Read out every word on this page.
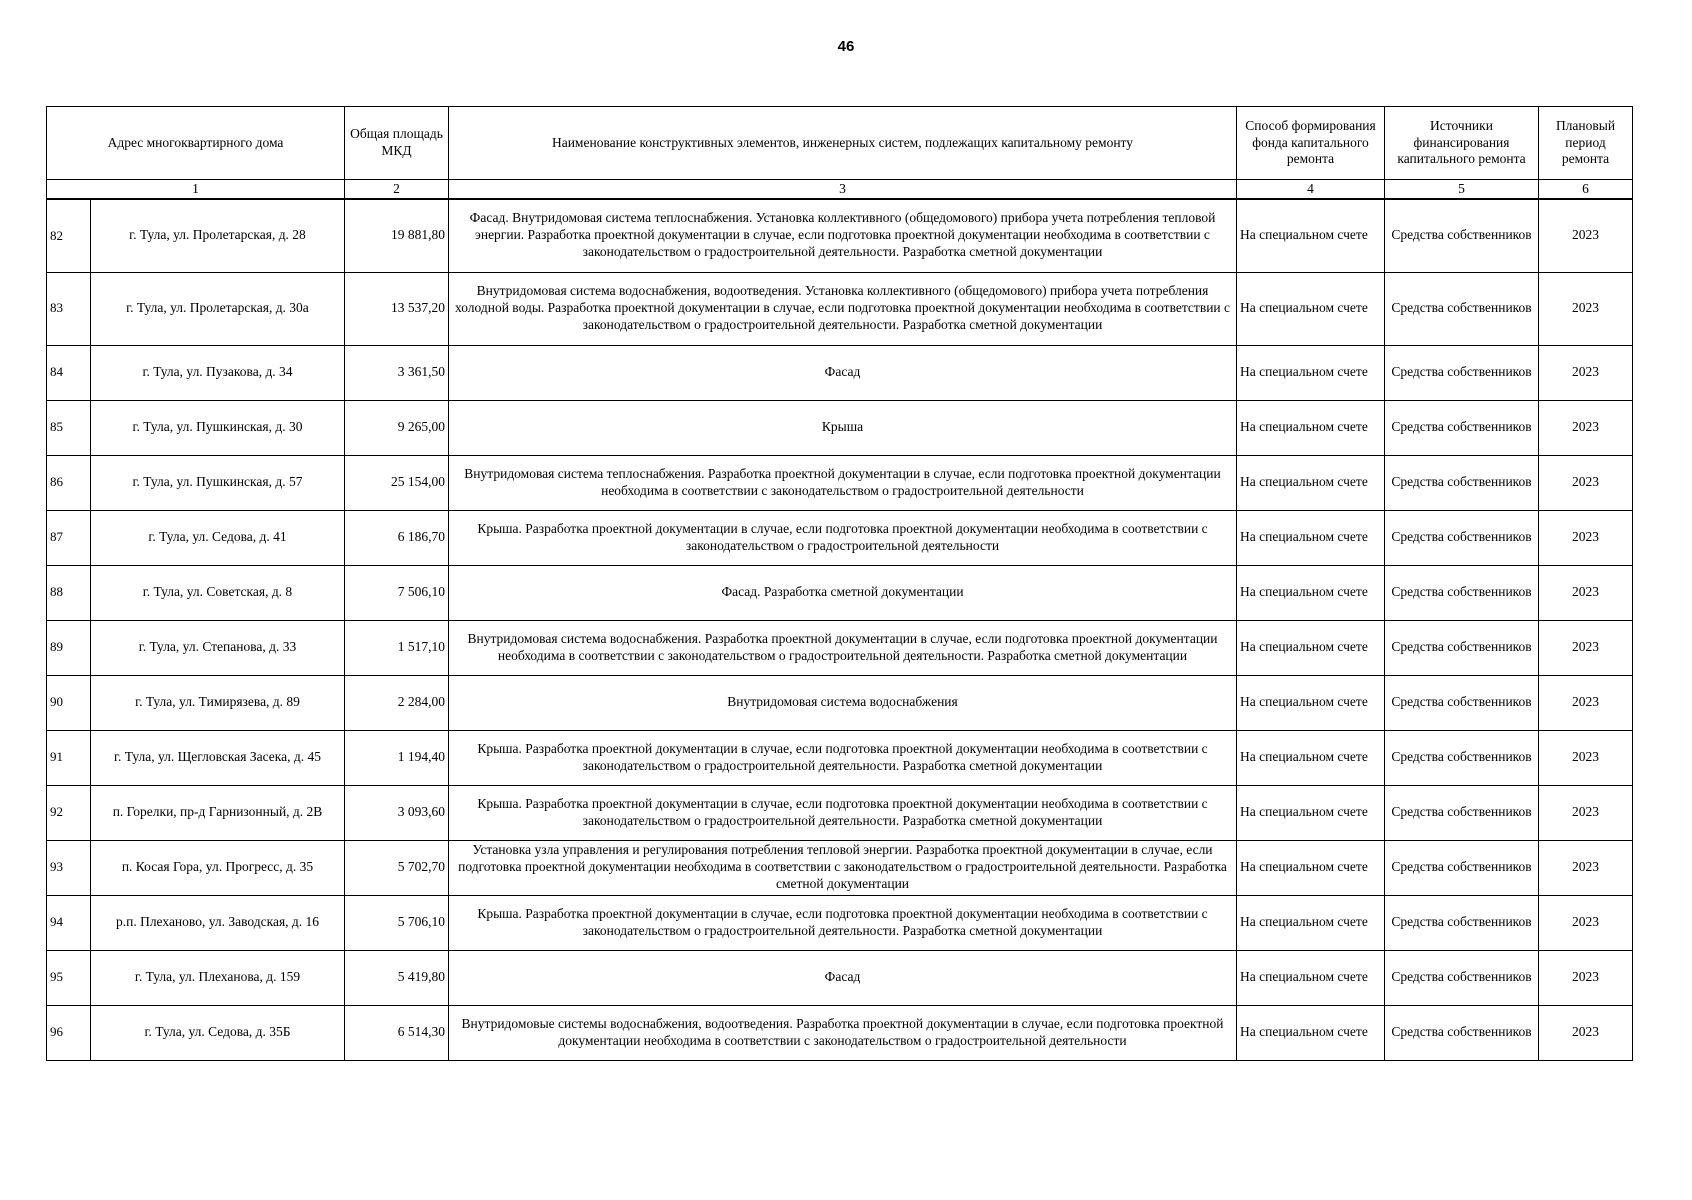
46
Адрес многоквартирного дома		Общая площадь МКД	Наименование конструктивных элементов, инженерных систем, подлежащих капитальному ремонту	Способ формирования фонда капитального ремонта	Источники финансирования капитального ремонта	Плановый период ремонта
1		2	3	4	5	6
82	г. Тула, ул. Пролетарская, д. 28	19 881,80	Фасад. Внутридомовая система теплоснабжения. Установка коллективного (общедомового) прибора учета потребления тепловой энергии. Разработка проектной документации в случае, если подготовка проектной документации необходима в соответствии с законодательством о градостроительной деятельности. Разработка сметной документации	На специальном счете	Средства собственников	2023
83	г. Тула, ул. Пролетарская, д. 30а	13 537,20	Внутридомовая система водоснабжения, водоотведения. Установка коллективного (общедомового) прибора учета потребления холодной воды. Разработка проектной документации в случае, если подготовка проектной документации необходима в соответствии с законодательством о градостроительной деятельности. Разработка сметной документации	На специальном счете	Средства собственников	2023
84	г. Тула, ул. Пузакова, д. 34	3 361,50	Фасад	На специальном счете	Средства собственников	2023
85	г. Тула, ул. Пушкинская, д. 30	9 265,00	Крыша	На специальном счете	Средства собственников	2023
86	г. Тула, ул. Пушкинская, д. 57	25 154,00	Внутридомовая система теплоснабжения. Разработка проектной документации в случае, если подготовка проектной документации необходима в соответствии с законодательством о градостроительной деятельности	На специальном счете	Средства собственников	2023
87	г. Тула, ул. Седова, д. 41	6 186,70	Крыша. Разработка проектной документации в случае, если подготовка проектной документации необходима в соответствии с законодательством о градостроительной деятельности	На специальном счете	Средства собственников	2023
88	г. Тула, ул. Советская, д. 8	7 506,10	Фасад. Разработка сметной документации	На специальном счете	Средства собственников	2023
89	г. Тула, ул. Степанова, д. 33	1 517,10	Внутридомовая система водоснабжения. Разработка проектной документации в случае, если подготовка проектной документации необходима в соответствии с законодательством о градостроительной деятельности. Разработка сметной документации	На специальном счете	Средства собственников	2023
90	г. Тула, ул. Тимирязева, д. 89	2 284,00	Внутридомовая система водоснабжения	На специальном счете	Средства собственников	2023
91	г. Тула, ул. Щегловская Засека, д. 45	1 194,40	Крыша. Разработка проектной документации в случае, если подготовка проектной документации необходима в соответствии с законодательством о градостроительной деятельности. Разработка сметной документации	На специальном счете	Средства собственников	2023
92	п. Горелки, пр-д Гарнизонный, д. 2В	3 093,60	Крыша. Разработка проектной документации в случае, если подготовка проектной документации необходима в соответствии с законодательством о градостроительной деятельности. Разработка сметной документации	На специальном счете	Средства собственников	2023
93	п. Косая Гора, ул. Прогресс, д. 35	5 702,70	Установка узла управления и регулирования потребления тепловой энергии. Разработка проектной документации в случае, если подготовка проектной документации необходима в соответствии с законодательством о градостроительной деятельности. Разработка сметной документации	На специальном счете	Средства собственников	2023
94	р.п. Плеханово, ул. Заводская, д. 16	5 706,10	Крыша. Разработка проектной документации в случае, если подготовка проектной документации необходима в соответствии с законодательством о градостроительной деятельности. Разработка сметной документации	На специальном счете	Средства собственников	2023
95	г. Тула, ул. Плеханова, д. 159	5 419,80	Фасад	На специальном счете	Средства собственников	2023
96	г. Тула, ул. Седова, д. 35Б	6 514,30	Внутридомовые системы водоснабжения, водоотведения. Разработка проектной документации в случае, если подготовка проектной документации необходима в соответствии с законодательством о градостроительной деятельности	На специальном счете	Средства собственников	2023
